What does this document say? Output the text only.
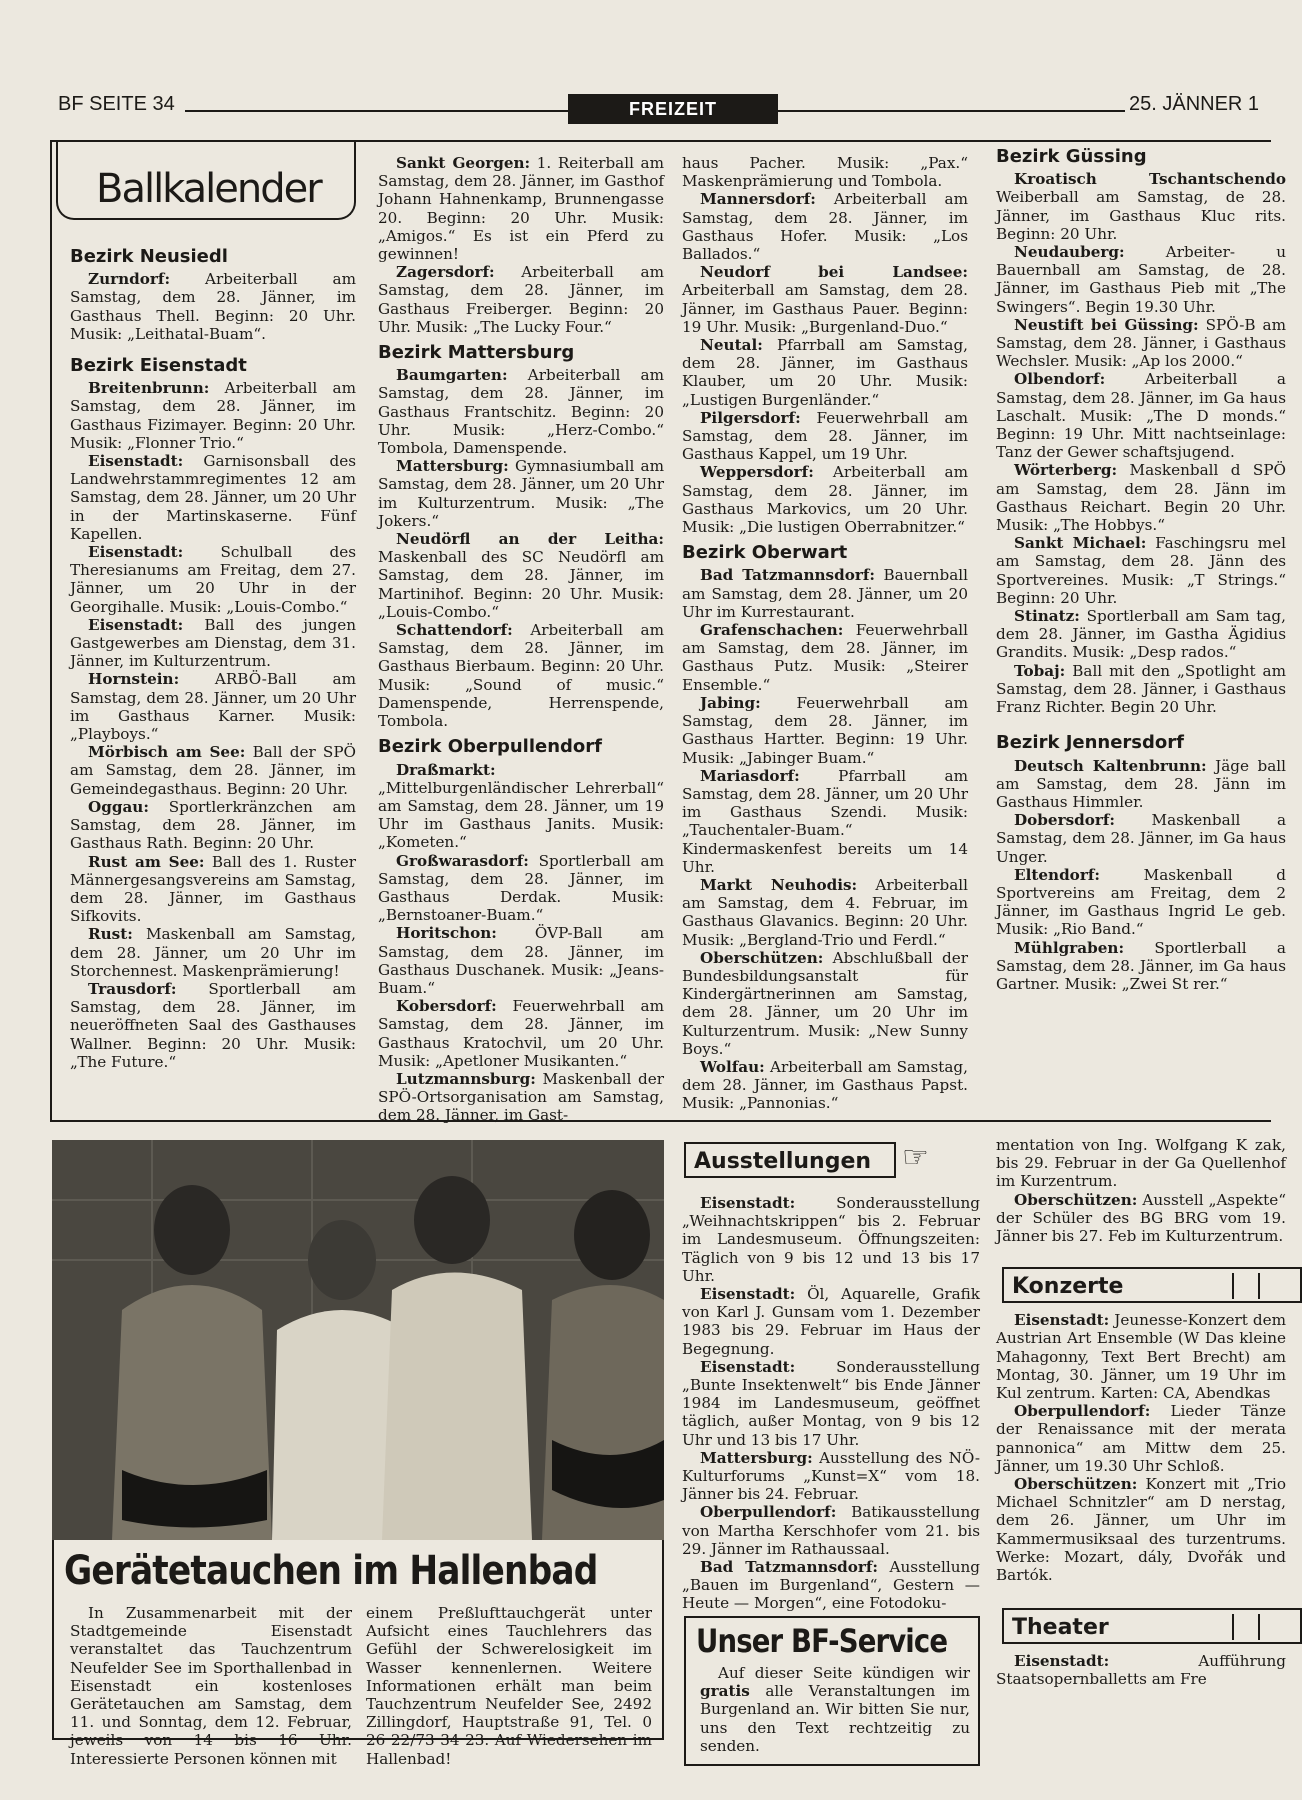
BF SEITE 34	FREIZEIT	25. JÄNNER 1
Ballkalender
Bezirk Neusiedl

Zurndorf: Arbeiterball am Samstag, dem 28. Jänner, im Gasthaus Thell. Beginn: 20 Uhr. Musik: „Leithatal-Buam“.

Bezirk Eisenstadt

Breitenbrunn: Arbeiterball am Samstag, dem 28. Jänner, im Gasthaus Fizimayer. Beginn: 20 Uhr. Musik: „Flonner Trio.“

Eisenstadt: Garnisonsball des Landwehrstammregimentes 12 am Samstag, dem 28. Jänner, um 20 Uhr in der Martinskaserne. Fünf Kapellen.

Eisenstadt: Schulball des Theresianums am Freitag, dem 27. Jänner, um 20 Uhr in der Georgihalle. Musik: „Louis-Combo.“

Eisenstadt: Ball des jungen Gastgewerbes am Dienstag, dem 31. Jänner, im Kulturzentrum.

Hornstein: ARBÖ-Ball am Samstag, dem 28. Jänner, um 20 Uhr im Gasthaus Karner. Musik: „Playboys.“

Mörbisch am See: Ball der SPÖ am Samstag, dem 28. Jänner, im Gemeindegasthaus. Beginn: 20 Uhr.

Oggau: Sportlerkränzchen am Samstag, dem 28. Jänner, im Gasthaus Rath. Beginn: 20 Uhr.

Rust am See: Ball des 1. Ruster Männergesangsvereins am Samstag, dem 28. Jänner, im Gasthaus Sifkovits.

Rust: Maskenball am Samstag, dem 28. Jänner, um 20 Uhr im Storchennest. Maskenprämierung!

Trausdorf: Sportlerball am Samstag, dem 28. Jänner, im neueröffneten Saal des Gasthauses Wallner. Beginn: 20 Uhr. Musik: „The Future.“

Sankt Georgen: 1. Reiterball am Samstag, dem 28. Jänner, im Gasthof Johann Hahnenkamp, Brunnengasse 20. Beginn: 20 Uhr. Musik: „Amigos.“ Es ist ein Pferd zu gewinnen!

Zagersdorf: Arbeiterball am Samstag, dem 28. Jänner, im Gasthaus Freiberger. Beginn: 20 Uhr. Musik: „The Lucky Four.“

Bezirk Mattersburg

Baumgarten: Arbeiterball am Samstag, dem 28. Jänner, im Gasthaus Frantschitz. Beginn: 20 Uhr. Musik: „Herz-Combo.“ Tombola, Damenspende.

Mattersburg: Gymnasiumball am Samstag, dem 28. Jänner, um 20 Uhr im Kulturzentrum. Musik: „The Jokers.“

Neudörfl an der Leitha: Maskenball des SC Neudörfl am Samstag, dem 28. Jänner, im Martinihof. Beginn: 20 Uhr. Musik: „Louis-Combo.“

Schattendorf: Arbeiterball am Samstag, dem 28. Jänner, im Gasthaus Bierbaum. Beginn: 20 Uhr. Musik: „Sound of music.“ Damenspende, Herrenspende, Tombola.

Bezirk Oberpullendorf

Draßmarkt: „Mittelburgenländischer Lehrerball“ am Samstag, dem 28. Jänner, um 19 Uhr im Gasthaus Janits. Musik: „Kometen.“

Großwarasdorf: Sportlerball am Samstag, dem 28. Jänner, im Gasthaus Derdak. Musik: „Bernstoaner-Buam.“

Horitschon: ÖVP-Ball am Samstag, dem 28. Jänner, im Gasthaus Duschanek. Musik: „Jeans-Buam.“

Kobersdorf: Feuerwehrball am Samstag, dem 28. Jänner, im Gasthaus Kratochvil, um 20 Uhr. Musik: „Apetloner Musikanten.“

Lutzmannsburg: Maskenball der SPÖ-Ortsorganisation am Samstag, dem 28. Jänner, im Gast-

haus Pacher. Musik: „Pax.“ Maskenprämierung und Tombola.

Mannersdorf: Arbeiterball am Samstag, dem 28. Jänner, im Gasthaus Hofer. Musik: „Los Ballados.“

Neudorf bei Landsee: Arbeiterball am Samstag, dem 28. Jänner, im Gasthaus Pauer. Beginn: 19 Uhr. Musik: „Burgenland-Duo.“

Neutal: Pfarrball am Samstag, dem 28. Jänner, im Gasthaus Klauber, um 20 Uhr. Musik: „Lustigen Burgenländer.“

Pilgersdorf: Feuerwehrball am Samstag, dem 28. Jänner, im Gasthaus Kappel, um 19 Uhr.

Weppersdorf: Arbeiterball am Samstag, dem 28. Jänner, im Gasthaus Markovics, um 20 Uhr. Musik: „Die lustigen Oberrabnitzer.“

Bezirk Oberwart

Bad Tatzmannsdorf: Bauernball am Samstag, dem 28. Jänner, um 20 Uhr im Kurrestaurant.

Grafenschachen: Feuerwehrball am Samstag, dem 28. Jänner, im Gasthaus Putz. Musik: „Steirer Ensemble.“

Jabing: Feuerwehrball am Samstag, dem 28. Jänner, im Gasthaus Hartter. Beginn: 19 Uhr. Musik: „Jabinger Buam.“

Mariasdorf: Pfarrball am Samstag, dem 28. Jänner, um 20 Uhr im Gasthaus Szendi. Musik: „Tauchentaler-Buam.“ Kindermaskenfest bereits um 14 Uhr.

Markt Neuhodis: Arbeiterball am Samstag, dem 4. Februar, im Gasthaus Glavanics. Beginn: 20 Uhr. Musik: „Bergland-Trio und Ferdl.“

Oberschützen: Abschlußball der Bundesbildungsanstalt für Kindergärtnerinnen am Samstag, dem 28. Jänner, um 20 Uhr im Kulturzentrum. Musik: „New Sunny Boys.“

Wolfau: Arbeiterball am Samstag, dem 28. Jänner, im Gasthaus Papst. Musik: „Pannonias.“

Bezirk Güssing

Kroatisch Tschantschendo Weiberball am Samstag, de 28. Jänner, im Gasthaus Kluc rits. Beginn: 20 Uhr.

Neudauberg: Arbeiter- u Bauernball am Samstag, de 28. Jänner, im Gasthaus Pieb mit „The Swingers“. Begin 19.30 Uhr.

Neustift bei Güssing: SPÖ-B am Samstag, dem 28. Jänner, i Gasthaus Wechsler. Musik: „Ap los 2000.“

Olbendorf: Arbeiterball a Samstag, dem 28. Jänner, im Ga haus Laschalt. Musik: „The D monds.“ Beginn: 19 Uhr. Mitt nachtseinlage: Tanz der Gewer schaftsjugend.

Wörterberg: Maskenball d SPÖ am Samstag, dem 28. Jänn im Gasthaus Reichart. Begin 20 Uhr. Musik: „The Hobbys.“

Sankt Michael: Faschingsru mel am Samstag, dem 28. Jänn des Sportvereines. Musik: „T Strings.“ Beginn: 20 Uhr.

Stinatz: Sportlerball am Sam tag, dem 28. Jänner, im Gastha Ägidius Grandits. Musik: „Desp rados.“

Tobaj: Ball mit den „Spotlight am Samstag, dem 28. Jänner, i Gasthaus Franz Richter. Begin 20 Uhr.

Bezirk Jennersdorf

Deutsch Kaltenbrunn: Jäge ball am Samstag, dem 28. Jänn im Gasthaus Himmler.

Dobersdorf: Maskenball a Samstag, dem 28. Jänner, im Ga haus Unger.

Eltendorf: Maskenball d Sportvereins am Freitag, dem 2 Jänner, im Gasthaus Ingrid Le geb. Musik: „Rio Band.“

Mühlgraben: Sportlerball a Samstag, dem 28. Jänner, im Ga haus Gartner. Musik: „Zwei St rer.“

Gerätetauchen im Hallenbad

In Zusammenarbeit mit der Stadtgemeinde Eisenstadt veranstaltet das Tauchzentrum Neufelder See im Sporthallenbad in Eisenstadt ein kostenloses Gerätetauchen am Samstag, dem 11. und Sonntag, dem 12. Februar, jeweils von 14 bis 16 Uhr. Interessierte Personen können mit

einem Preßlufttauchgerät unter Aufsicht eines Tauchlehrers das Gefühl der Schwerelosigkeit im Wasser kennenlernen. Weitere Informationen erhält man beim Tauchzentrum Neufelder See, 2492 Zillingdorf, Hauptstraße 91, Tel. 0 26 22/73 34 23. Auf Wiedersehen im Hallenbad!

Ausstellungen	☞

Eisenstadt: Sonderausstellung „Weihnachtskrippen“ bis 2. Februar im Landesmuseum. Öffnungszeiten: Täglich von 9 bis 12 und 13 bis 17 Uhr.

Eisenstadt: Öl, Aquarelle, Grafik von Karl J. Gunsam vom 1. Dezember 1983 bis 29. Februar im Haus der Begegnung.

Eisenstadt: Sonderausstellung „Bunte Insektenwelt“ bis Ende Jänner 1984 im Landesmuseum, geöffnet täglich, außer Montag, von 9 bis 12 Uhr und 13 bis 17 Uhr.

Mattersburg: Ausstellung des NÖ-Kulturforums „Kunst=X“ vom 18. Jänner bis 24. Februar.

Oberpullendorf: Batikausstellung von Martha Kerschhofer vom 21. bis 29. Jänner im Rathaussaal.

Bad Tatzmannsdorf: Ausstellung „Bauen im Burgenland“, Gestern — Heute — Morgen“, eine Fotodoku-

Unser BF-Service

Auf dieser Seite kündigen wir gratis alle Veranstaltungen im Burgenland an. Wir bitten Sie nur, uns den Text rechtzeitig zu senden.

mentation von Ing. Wolfgang K zak, bis 29. Februar in der Ga Quellenhof im Kurzentrum.

Oberschützen: Ausstell „Aspekte“ der Schüler des BG BRG vom 19. Jänner bis 27. Feb im Kulturzentrum.

Konzerte

Eisenstadt: Jeunesse-Konzert dem Austrian Art Ensemble (W Das kleine Mahagonny, Text Bert Brecht) am Montag, 30. Jänner, um 19 Uhr im Kul zentrum. Karten: CA, Abendkas

Oberpullendorf: Lieder Tänze der Renaissance mit der merata pannonica“ am Mittw dem 25. Jänner, um 19.30 Uhr Schloß.

Oberschützen: Konzert mit „Trio Michael Schnitzler“ am D nerstag, dem 26. Jänner, um Uhr im Kammermusiksaal des turzentrums. Werke: Mozart, dály, Dvořák und Bartók.

Theater

Eisenstadt: Aufführung Staatsopernballetts am Fre
